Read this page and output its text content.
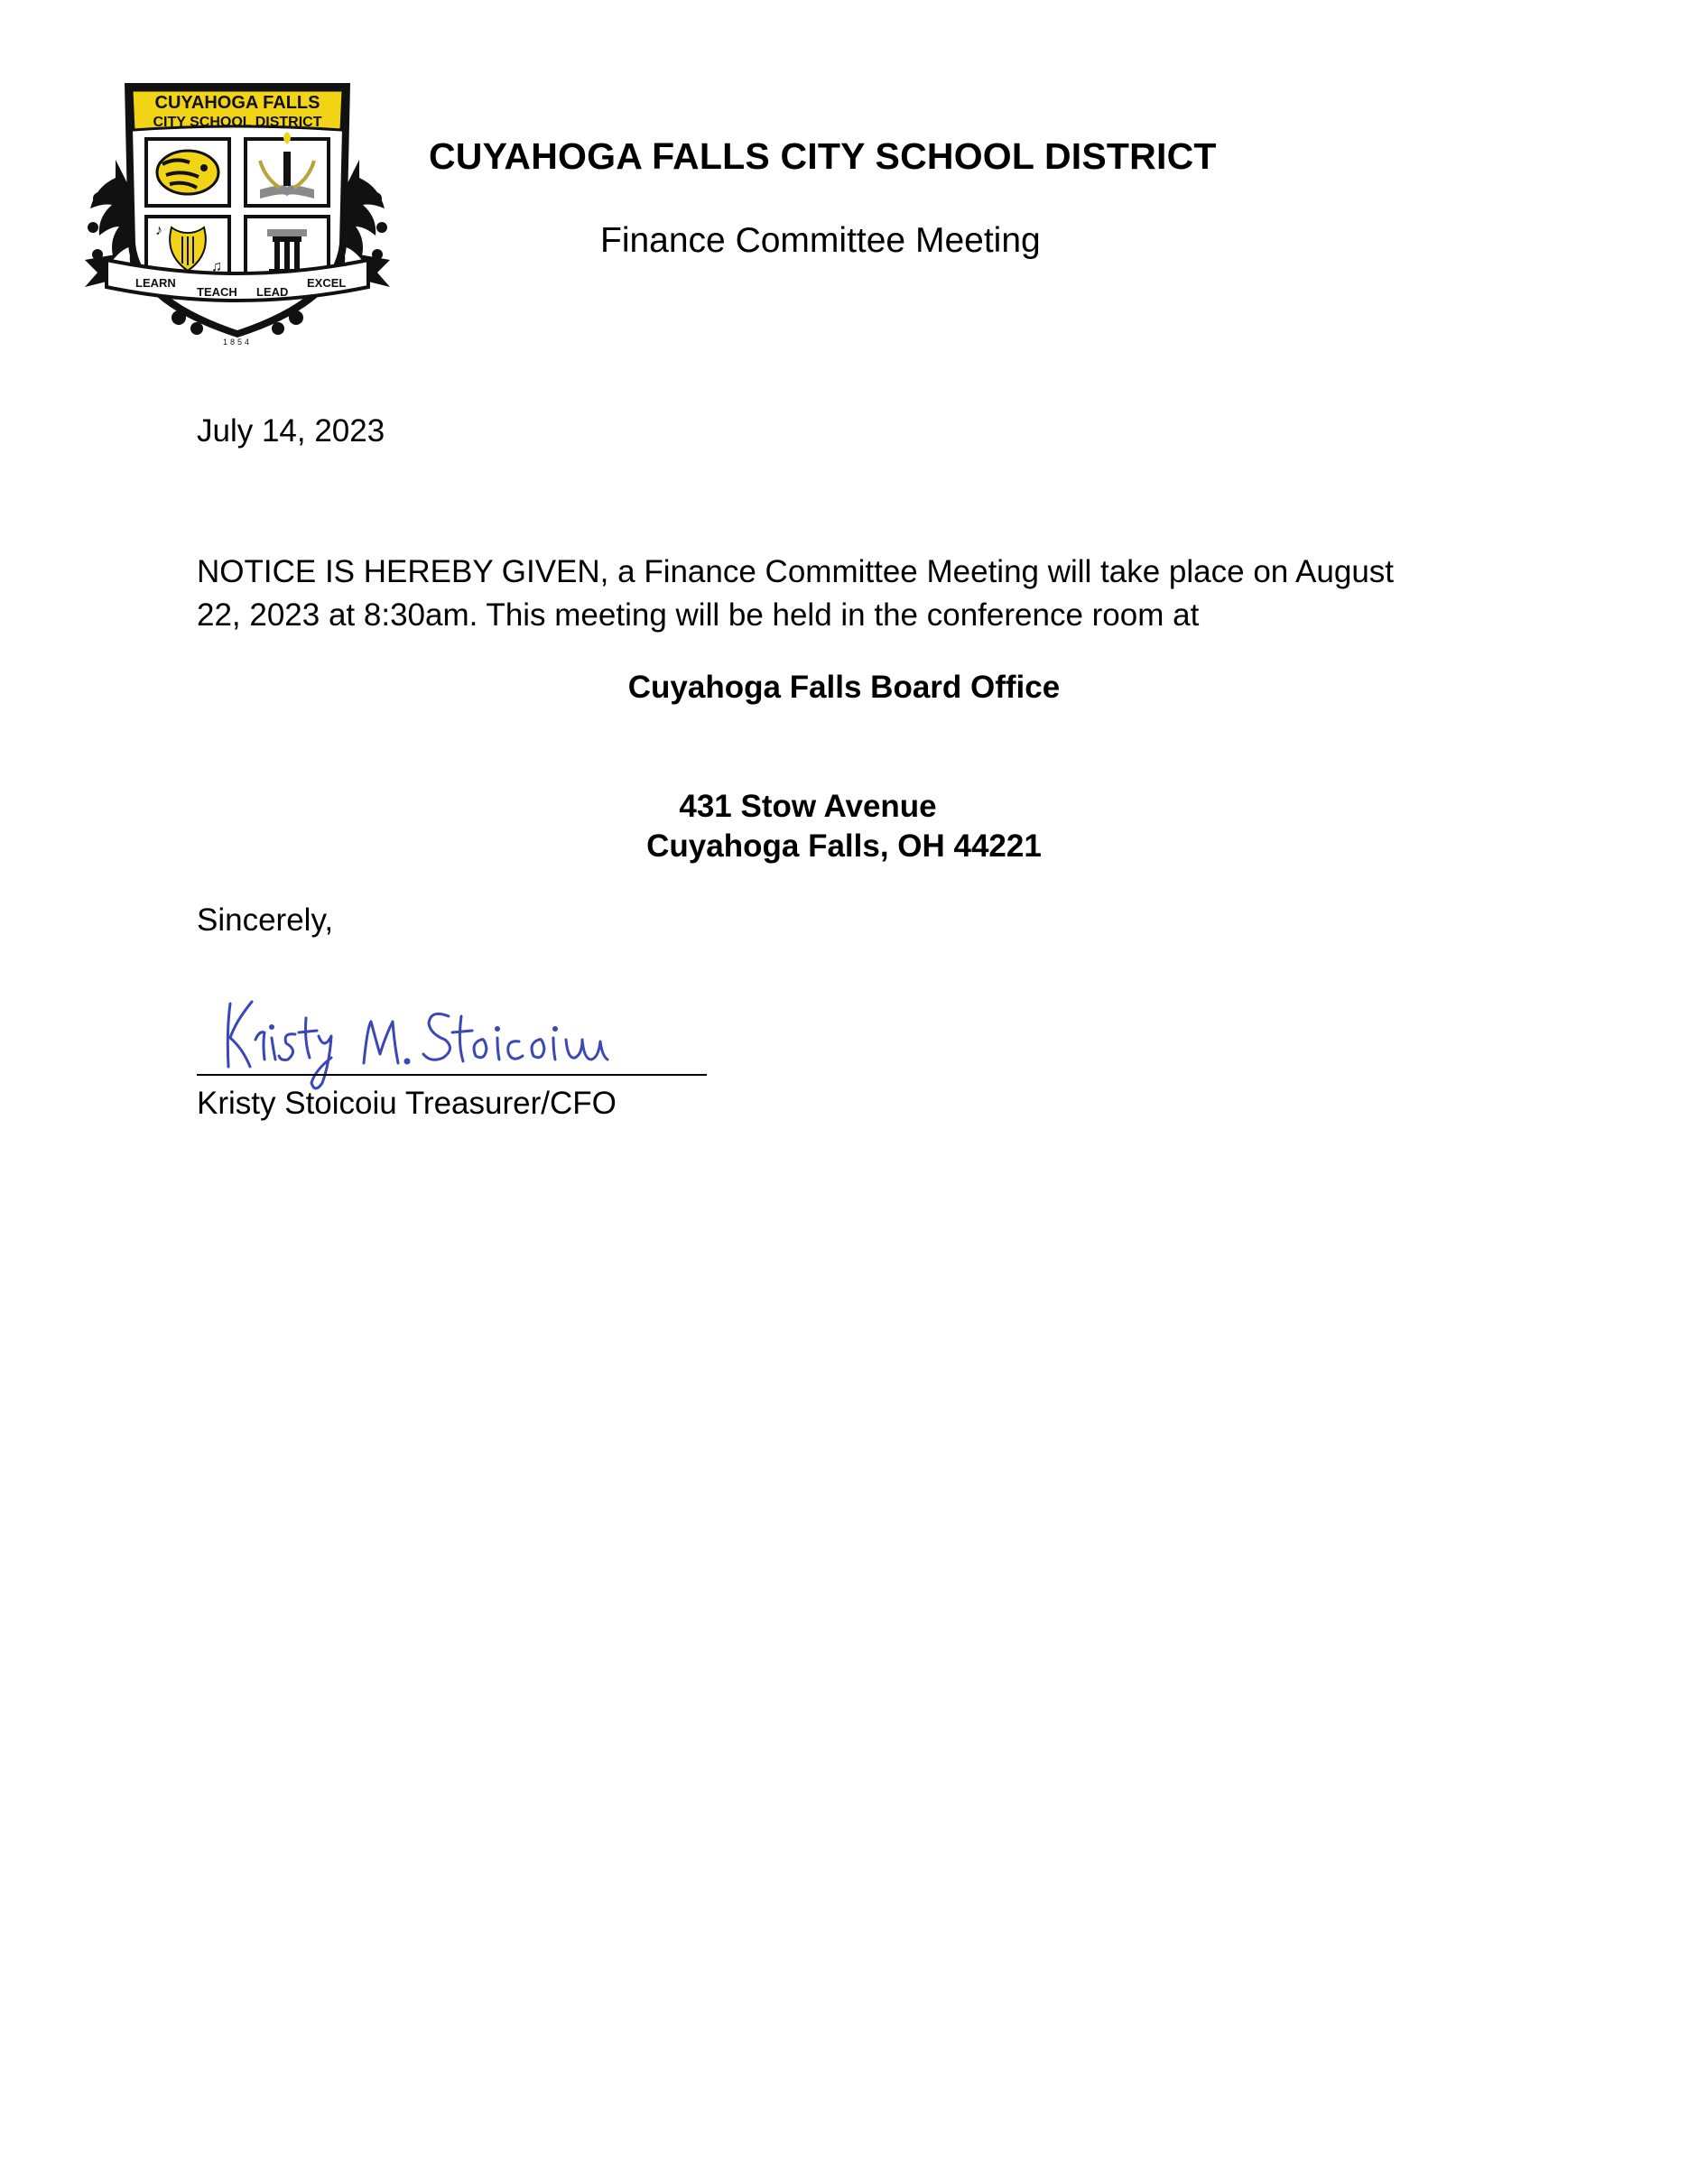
CUYAHOGA FALLS
CITY SCHOOL DISTRICT
♪
♫
LEARN
TEACH LEAD
EXCEL
1854
CUYAHOGA FALLS CITY SCHOOL DISTRICT
Finance Committee Meeting
July 14, 2023

NOTICE IS HEREBY GIVEN, a Finance Committee Meeting will take place on August

22, 2023 at 8:30am. This meeting will be held in the conference room at

Cuyahoga Falls Board Office
431 Stow Avenue
Cuyahoga Falls, OH 44221
Sincerely,
Kristy Stoicoiu Treasurer/CFO
